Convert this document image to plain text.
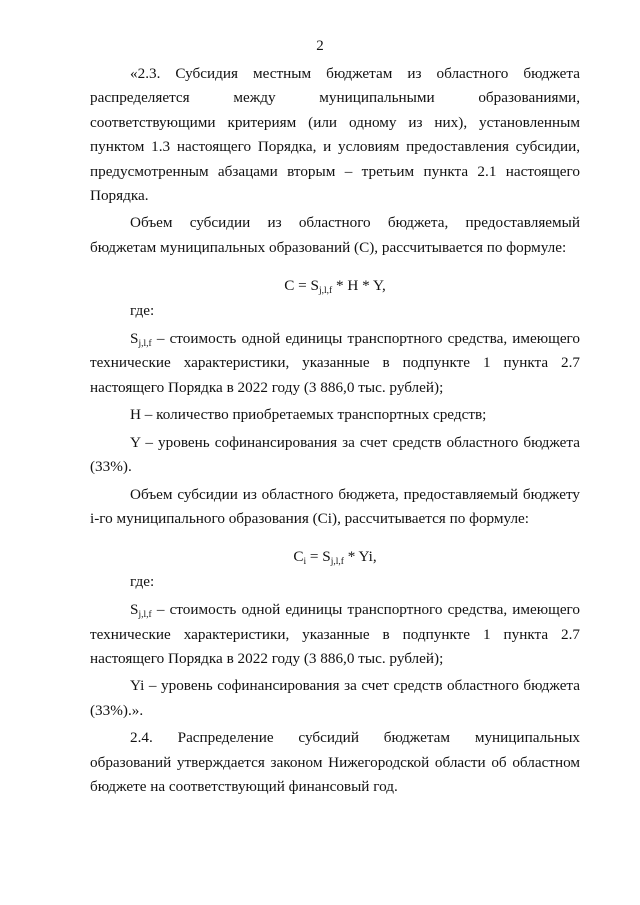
2

«2.3. Субсидия местным бюджетам из областного бюджета распределяется между муниципальными образованиями, соответствующими критериям (или одному из них), установленным пунктом 1.3 настоящего Порядка, и условиям предоставления субсидии, предусмотренным абзацами вторым – третьим пункта 2.1 настоящего Порядка.

Объем субсидии из областного бюджета, предоставляемый бюджетам муниципальных образований (С), рассчитывается по формуле:

$C = S_{j,l,f} * H * Y$,

где:

$S_{j,l,f}$ – стоимость одной единицы транспортного средства, имеющего технические характеристики, указанные в подпункте 1 пункта 2.7 настоящего Порядка в 2022 году (3 886,0 тыс. рублей);

H – количество приобретаемых транспортных средств;

Y – уровень софинансирования за счет средств областного бюджета (33%).

Объем субсидии из областного бюджета, предоставляемый бюджету i-го муниципального образования (Ci), рассчитывается по формуле:

$C_i = S_{j,l,f} * Yi$,

где:

$S_{j,l,f}$ – стоимость одной единицы транспортного средства, имеющего технические характеристики, указанные в подпункте 1 пункта 2.7 настоящего Порядка в 2022 году (3 886,0 тыс. рублей);

Yi – уровень софинансирования за счет средств областного бюджета (33%).».

2.4. Распределение субсидий бюджетам муниципальных образований утверждается законом Нижегородской области об областном бюджете на соответствующий финансовый год.
